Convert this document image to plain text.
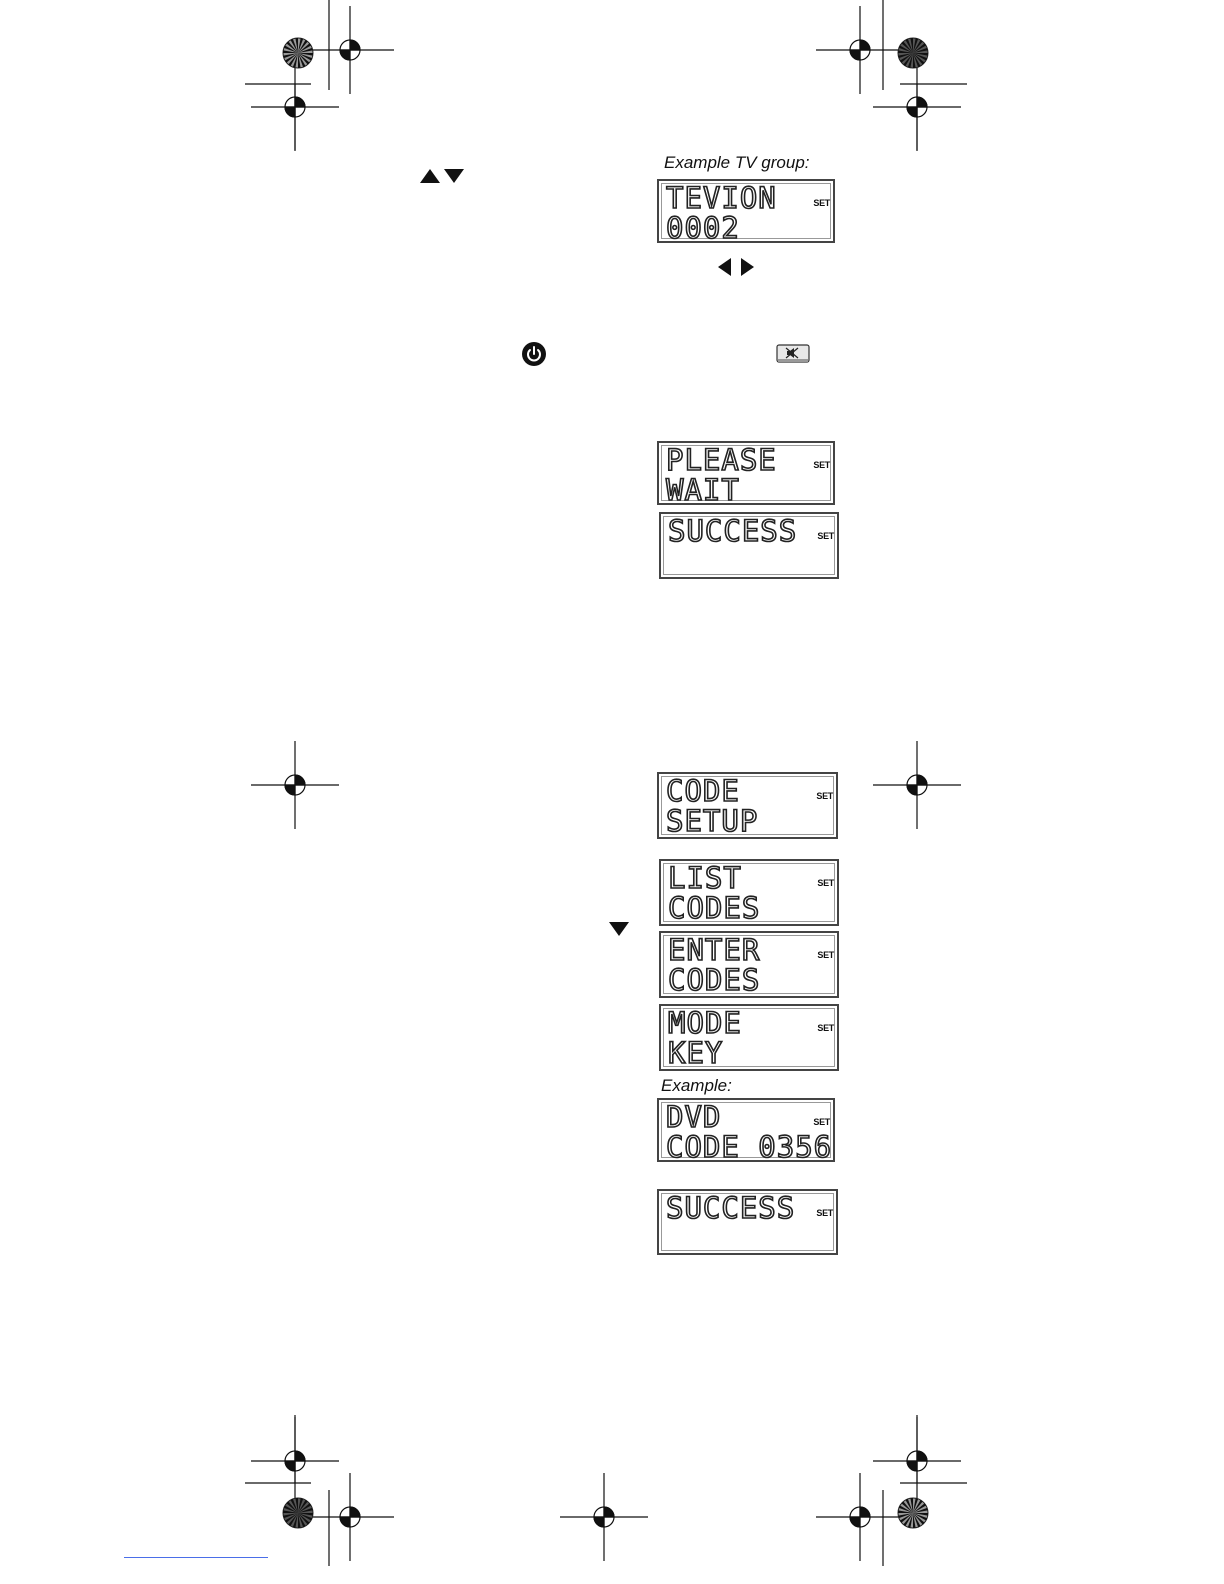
Example TV group:
TEVION
0002
SET
PLEASE
WAIT
SET
SUCCESS SET
CODE
SETUP
SET
LIST
CODES
SET
ENTER
CODES
SET
MODE
KEY
SET
Example:
DVD
CODE 0356
SET
SUCCESS SET
